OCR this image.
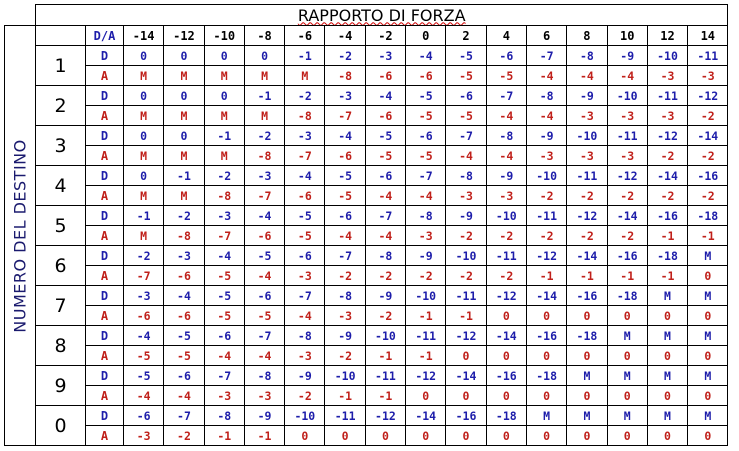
	RAPPORTO DI FORZA																

NUMERO DEL DESTINO		D/A	-14	-12	-10	-8	-6	-4	-2	0	2	4	6	8	10	12	14
	1	D	0	0	0	0	-1	-2	-3	-4	-5	-6	-7	-8	-9	-10	-11
		A	M	M	M	M	M	-8	-6	-6	-5	-5	-4	-4	-4	-3	-3
	2	D	0	0	0	-1	-2	-3	-4	-5	-6	-7	-8	-9	-10	-11	-12
		A	M	M	M	M	-8	-7	-6	-5	-5	-4	-4	-3	-3	-3	-2
	3	D	0	0	-1	-2	-3	-4	-5	-6	-7	-8	-9	-10	-11	-12	-14
		A	M	M	M	-8	-7	-6	-5	-5	-4	-4	-3	-3	-3	-2	-2
	4	D	0	-1	-2	-3	-4	-5	-6	-7	-8	-9	-10	-11	-12	-14	-16
		A	M	M	-8	-7	-6	-5	-4	-4	-3	-3	-2	-2	-2	-2	-2
	5	D	-1	-2	-3	-4	-5	-6	-7	-8	-9	-10	-11	-12	-14	-16	-18
		A	M	-8	-7	-6	-5	-4	-4	-3	-2	-2	-2	-2	-2	-1	-1
	6	D	-2	-3	-4	-5	-6	-7	-8	-9	-10	-11	-12	-14	-16	-18	M
		A	-7	-6	-5	-4	-3	-2	-2	-2	-2	-2	-1	-1	-1	-1	0
	7	D	-3	-4	-5	-6	-7	-8	-9	-10	-11	-12	-14	-16	-18	M	M
		A	-6	-6	-5	-5	-4	-3	-2	-1	-1	0	0	0	0	0	0
	8	D	-4	-5	-6	-7	-8	-9	-10	-11	-12	-14	-16	-18	M	M	M
		A	-5	-5	-4	-4	-3	-2	-1	-1	0	0	0	0	0	0	0
	9	D	-5	-6	-7	-8	-9	-10	-11	-12	-14	-16	-18	M	M	M	M
		A	-4	-4	-3	-3	-2	-1	-1	0	0	0	0	0	0	0	0
	0	D	-6	-7	-8	-9	-10	-11	-12	-14	-16	-18	M	M	M	M	M
		A	-3	-2	-1	-1	0	0	0	0	0	0	0	0	0	0	0
